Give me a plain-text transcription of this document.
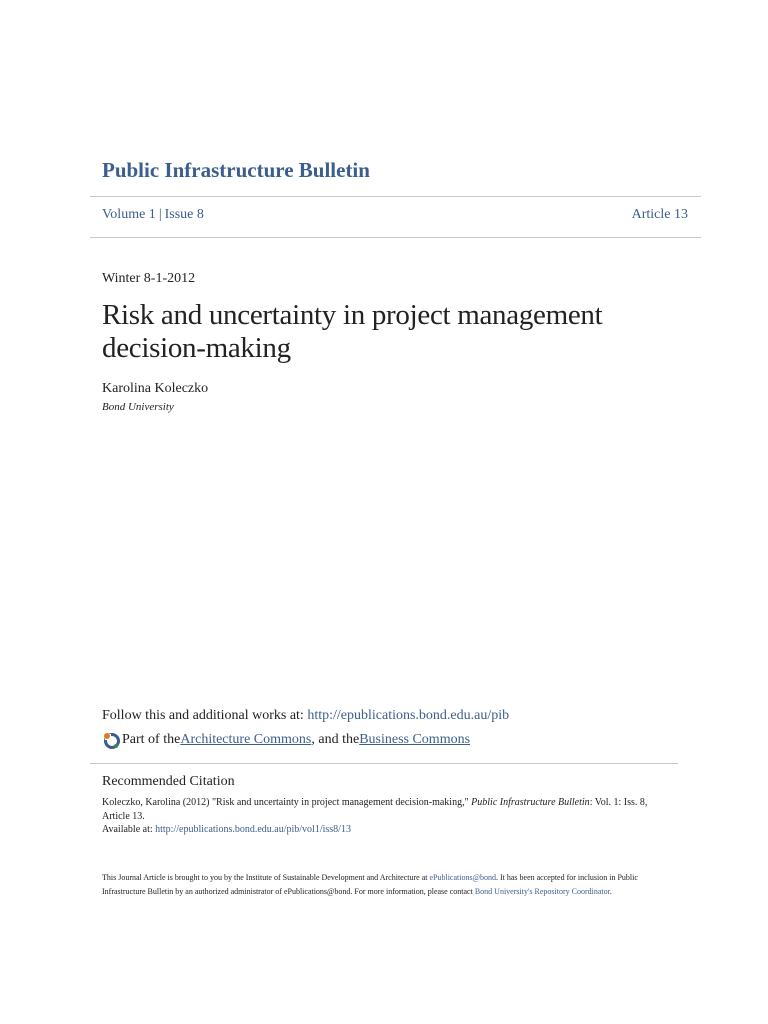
Public Infrastructure Bulletin
Volume 1 | Issue 8	Article 13
Winter 8-1-2012
Risk and uncertainty in project management decision-making
Karolina Koleczko
Bond University
Follow this and additional works at: http://epublications.bond.edu.au/pib
Part of the Architecture Commons , and the Business Commons
Recommended Citation
Koleczko, Karolina (2012) "Risk and uncertainty in project management decision-making," Public Infrastructure Bulletin: Vol. 1: Iss. 8, Article 13.
Available at: http://epublications.bond.edu.au/pib/vol1/iss8/13
This Journal Article is brought to you by the Institute of Sustainable Development and Architecture at ePublications@bond. It has been accepted for inclusion in Public Infrastructure Bulletin by an authorized administrator of ePublications@bond. For more information, please contact Bond University's Repository Coordinator.
